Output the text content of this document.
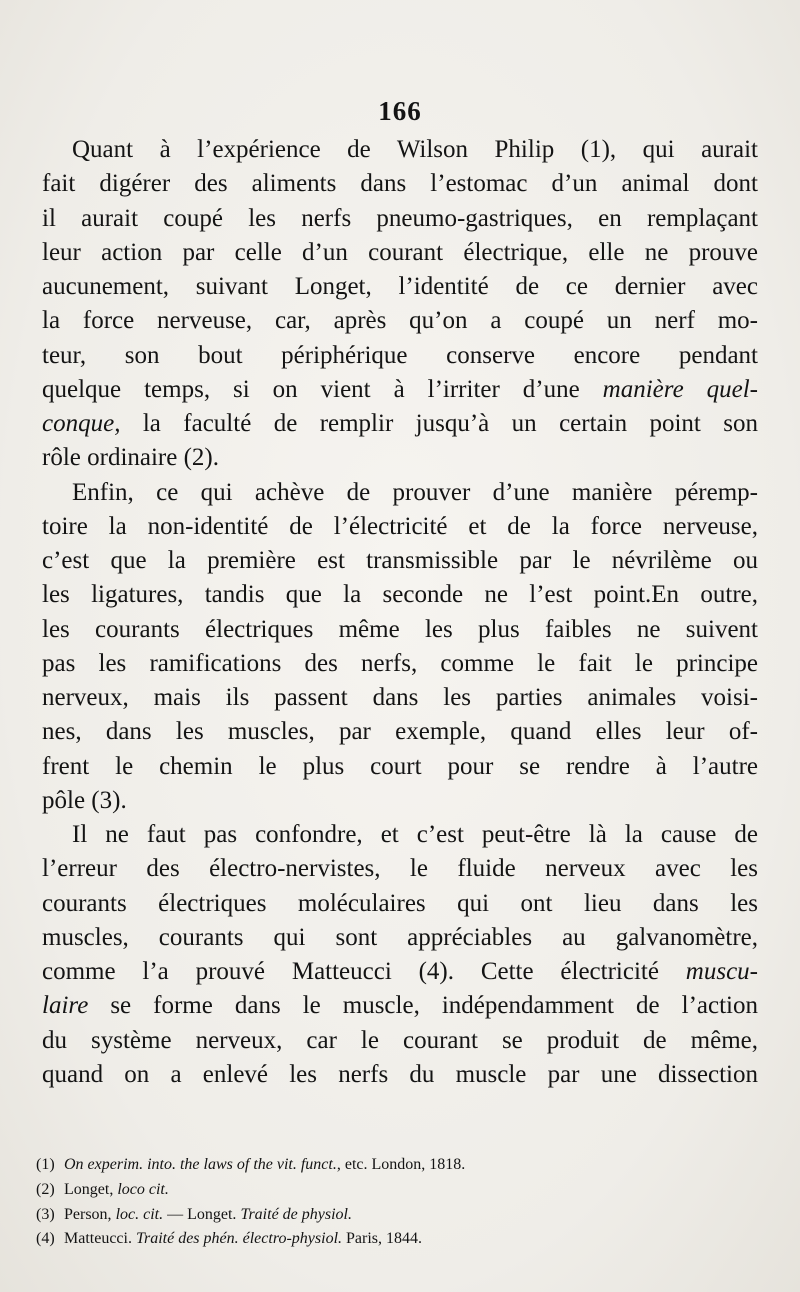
166
Quant à l’expérience de Wilson Philip (1), qui aurait
fait digérer des aliments dans l’estomac d’un animal dont
il aurait coupé les nerfs pneumo-gastriques, en remplaçant
leur action par celle d’un courant électrique, elle ne prouve
aucunement, suivant Longet, l’identité de ce dernier avec
la force nerveuse, car, après qu’on a coupé un nerf mo-
teur, son bout périphérique conserve encore pendant
quelque temps, si on vient à l’irriter d’une manière quel-
conque, la faculté de remplir jusqu’à un certain point son
rôle ordinaire (2).
Enfin, ce qui achève de prouver d’une manière péremp-
toire la non-identité de l’électricité et de la force nerveuse,
c’est que la première est transmissible par le névrilème ou
les ligatures, tandis que la seconde ne l’est point.En outre,
les courants électriques même les plus faibles ne suivent
pas les ramifications des nerfs, comme le fait le principe
nerveux, mais ils passent dans les parties animales voisi-
nes, dans les muscles, par exemple, quand elles leur of-
frent le chemin le plus court pour se rendre à l’autre
pôle (3).
Il ne faut pas confondre, et c’est peut-être là la cause de
l’erreur des électro-nervistes, le fluide nerveux avec les
courants électriques moléculaires qui ont lieu dans les
muscles, courants qui sont appréciables au galvanomètre,
comme l’a prouvé Matteucci (4). Cette électricité muscu-
laire se forme dans le muscle, indépendamment de l’action
du système nerveux, car le courant se produit de même,
quand on a enlevé les nerfs du muscle par une dissection
(1) On experim. into. the laws of the vit. funct., etc. London, 1818.
(2) Longet, loco cit.
(3) Person, loc. cit. — Longet. Traité de physiol.
(4) Matteucci. Traité des phén. électro-physiol. Paris, 1844.
